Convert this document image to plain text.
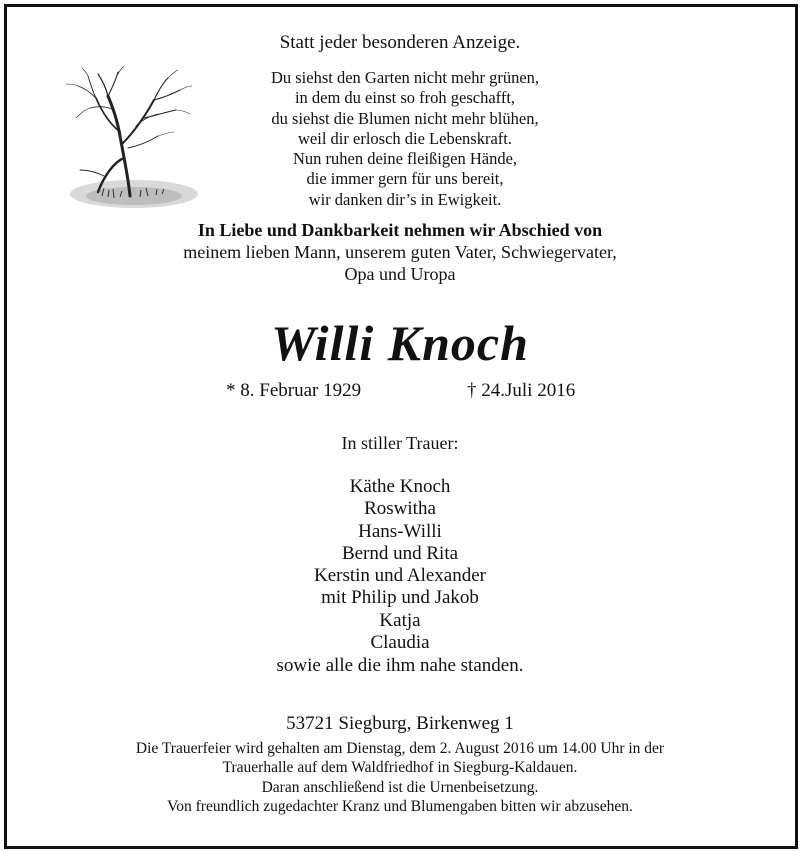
Statt jeder besonderen Anzeige.
Du siehst den Garten nicht mehr grünen,
in dem du einst so froh geschafft,
du siehst die Blumen nicht mehr blühen,
weil dir erlosch die Lebenskraft.
Nun ruhen deine fleißigen Hände,
die immer gern für uns bereit,
wir danken dir’s in Ewigkeit.
In Liebe und Dankbarkeit nehmen wir Abschied von
meinem lieben Mann, unserem guten Vater, Schwiegervater,
Opa und Uropa
Willi Knoch
* 8. Februar 1929	† 24.Juli 2016
In stiller Trauer:
Käthe Knoch
Roswitha
Hans-Willi
Bernd und Rita
Kerstin und Alexander
mit Philip und Jakob
Katja
Claudia
sowie alle die ihm nahe standen.
53721 Siegburg, Birkenweg 1
Die Trauerfeier wird gehalten am Dienstag, dem 2. August 2016 um 14.00 Uhr in der
Trauerhalle auf dem Waldfriedhof in Siegburg-Kaldauen.
Daran anschließend ist die Urnenbeisetzung.
Von freundlich zugedachter Kranz und Blumengaben bitten wir abzusehen.
